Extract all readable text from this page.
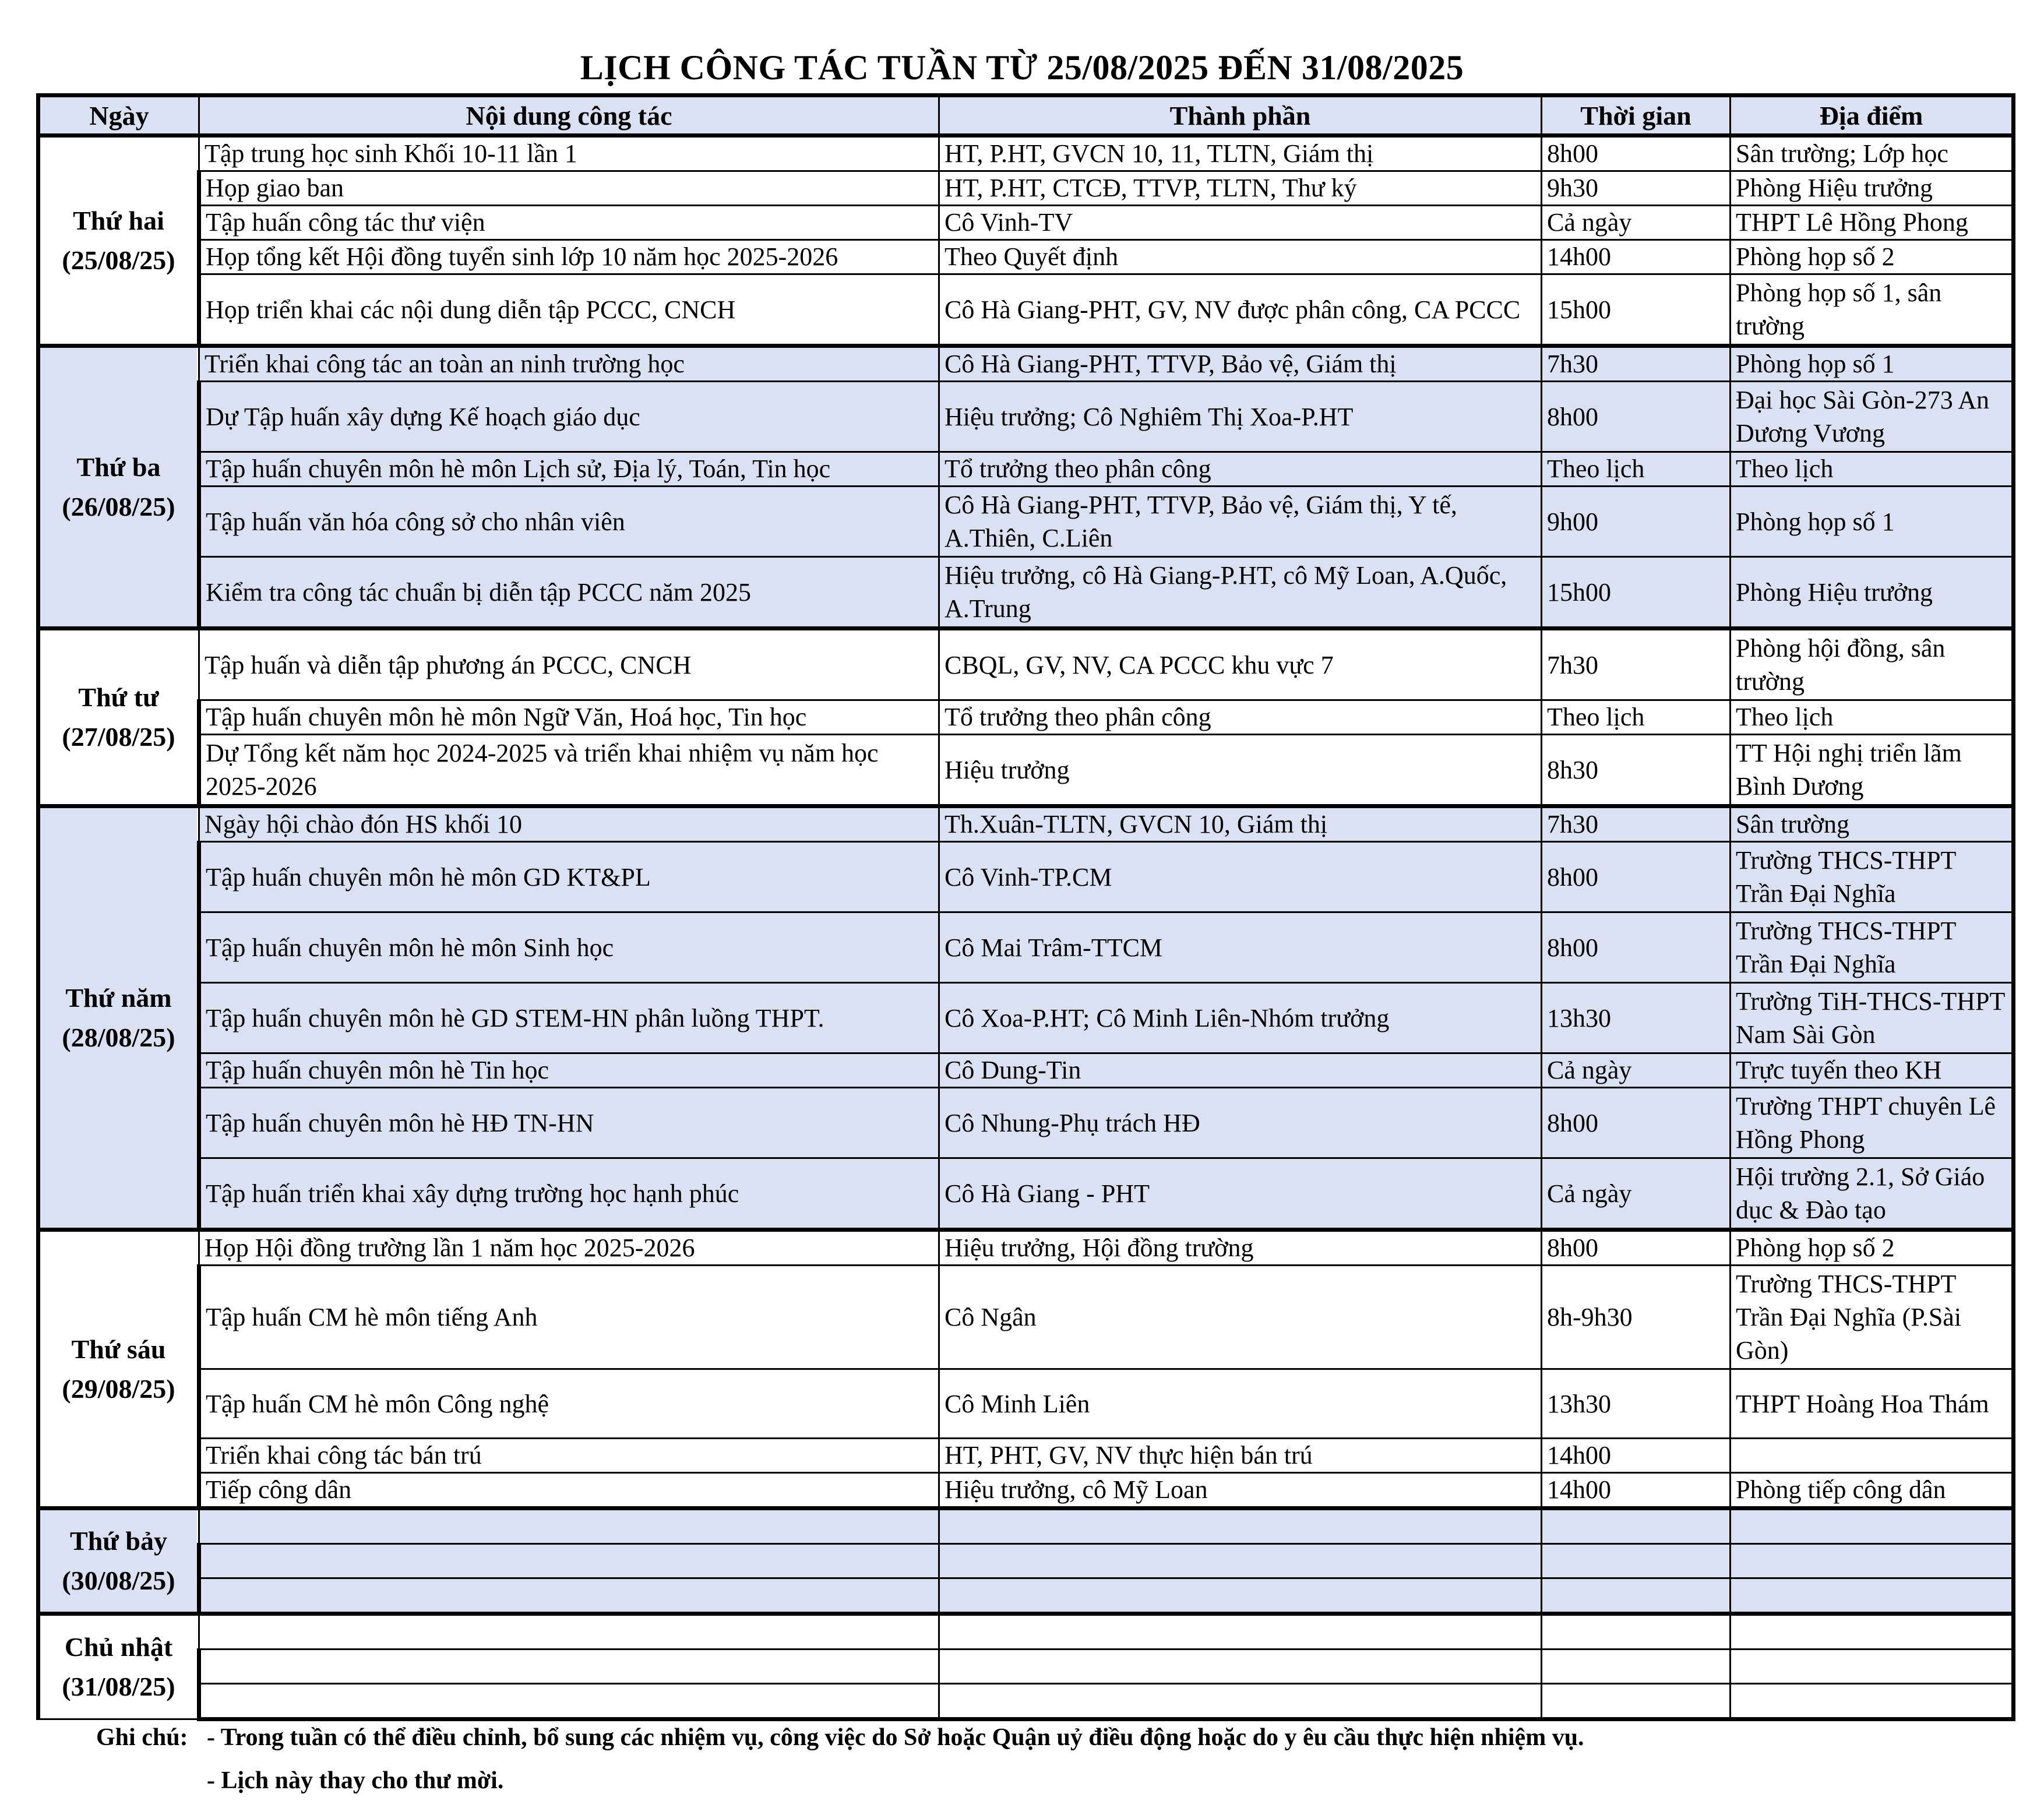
LỊCH CÔNG TÁC TUẦN TỪ 25/08/2025 ĐẾN 31/08/2025
Ngày	Nội dung công tác	Thành phần	Thời gian	Địa điểm

Thứ hai
(25/08/25)	Tập trung học sinh Khối 10-11 lần 1	HT, P.HT, GVCN 10, 11, TLTN, Giám thị	8h00	Sân trường; Lớp học
	Họp giao ban	HT, P.HT, CTCĐ, TTVP, TLTN, Thư ký	9h30	Phòng Hiệu trưởng
	Tập huấn công tác thư viện	Cô Vinh-TV	Cả ngày	THPT Lê Hồng Phong
	Họp tổng kết Hội đồng tuyển sinh lớp 10 năm học 2025-2026	Theo Quyết định	14h00	Phòng họp số 2
	Họp triển khai các nội dung diễn tập PCCC, CNCH	Cô Hà Giang-PHT, GV, NV được phân công, CA PCCC	15h00	Phòng họp số 1, sân trường

Thứ ba
(26/08/25)	Triển khai công tác an toàn an ninh trường học	Cô Hà Giang-PHT, TTVP, Bảo vệ, Giám thị	7h30	Phòng họp số 1
	Dự Tập huấn xây dựng Kế hoạch giáo dục	Hiệu trưởng; Cô Nghiêm Thị Xoa-P.HT	8h00	Đại học Sài Gòn-273 An Dương Vương
	Tập huấn chuyên môn hè môn Lịch sử, Địa lý, Toán, Tin học	Tổ trưởng theo phân công	Theo lịch	Theo lịch
	Tập huấn văn hóa công sở cho nhân viên	Cô Hà Giang-PHT, TTVP, Bảo vệ, Giám thị, Y tế, A.Thiên, C.Liên	9h00	Phòng họp số 1
	Kiểm tra công tác chuẩn bị diễn tập PCCC năm 2025	Hiệu trưởng, cô Hà Giang-P.HT, cô Mỹ Loan, A.Quốc, A.Trung	15h00	Phòng Hiệu trưởng

Thứ tư
(27/08/25)	Tập huấn và diễn tập phương án PCCC, CNCH	CBQL, GV, NV, CA PCCC khu vực 7	7h30	Phòng hội đồng, sân trường
	Tập huấn chuyên môn hè môn Ngữ Văn, Hoá học, Tin học	Tổ trưởng theo phân công	Theo lịch	Theo lịch
	Dự Tổng kết năm học 2024-2025 và triển khai nhiệm vụ năm học 2025-2026	Hiệu trưởng	8h30	TT Hội nghị triển lãm Bình Dương

Thứ năm
(28/08/25)	Ngày hội chào đón HS khối 10	Th.Xuân-TLTN, GVCN 10, Giám thị	7h30	Sân trường
	Tập huấn chuyên môn hè môn GD KT&PL	Cô Vinh-TP.CM	8h00	Trường THCS-THPT Trần Đại Nghĩa
	Tập huấn chuyên môn hè môn Sinh học	Cô Mai Trâm-TTCM	8h00	Trường THCS-THPT Trần Đại Nghĩa
	Tập huấn chuyên môn hè GD STEM-HN phân luồng THPT.	Cô Xoa-P.HT; Cô Minh Liên-Nhóm trưởng	13h30	Trường TiH-THCS-THPT Nam Sài Gòn
	Tập huấn chuyên môn hè Tin học	Cô Dung-Tin	Cả ngày	Trực tuyến theo KH
	Tập huấn chuyên môn hè HĐ TN-HN	Cô Nhung-Phụ trách HĐ	8h00	Trường THPT chuyên Lê Hồng Phong
	Tập huấn triển khai xây dựng trường học hạnh phúc	Cô Hà Giang - PHT	Cả ngày	Hội trường 2.1, Sở Giáo dục & Đào tạo

Thứ sáu
(29/08/25)	Họp Hội đồng trường lần 1 năm học 2025-2026	Hiệu trưởng, Hội đồng trường	8h00	Phòng họp số 2
	Tập huấn CM hè môn tiếng Anh	Cô Ngân	8h-9h30	Trường THCS-THPT Trần Đại Nghĩa (P.Sài Gòn)
	Tập huấn CM hè môn Công nghệ	Cô Minh Liên	13h30	THPT Hoàng Hoa Thám
	Triển khai công tác bán trú	HT, PHT, GV, NV thực hiện bán trú	14h00	
	Tiếp công dân	Hiệu trưởng, cô Mỹ Loan	14h00	Phòng tiếp công dân

Thứ bảy
(30/08/25)				

Chủ nhật
(31/08/25)				

Ghi chú: - Trong tuần có thể điều chỉnh, bổ sung các nhiệm vụ, công việc do Sở hoặc Quận uỷ điều động hoặc do y êu cầu thực hiện nhiệm vụ.
- Lịch này thay cho thư mời.
